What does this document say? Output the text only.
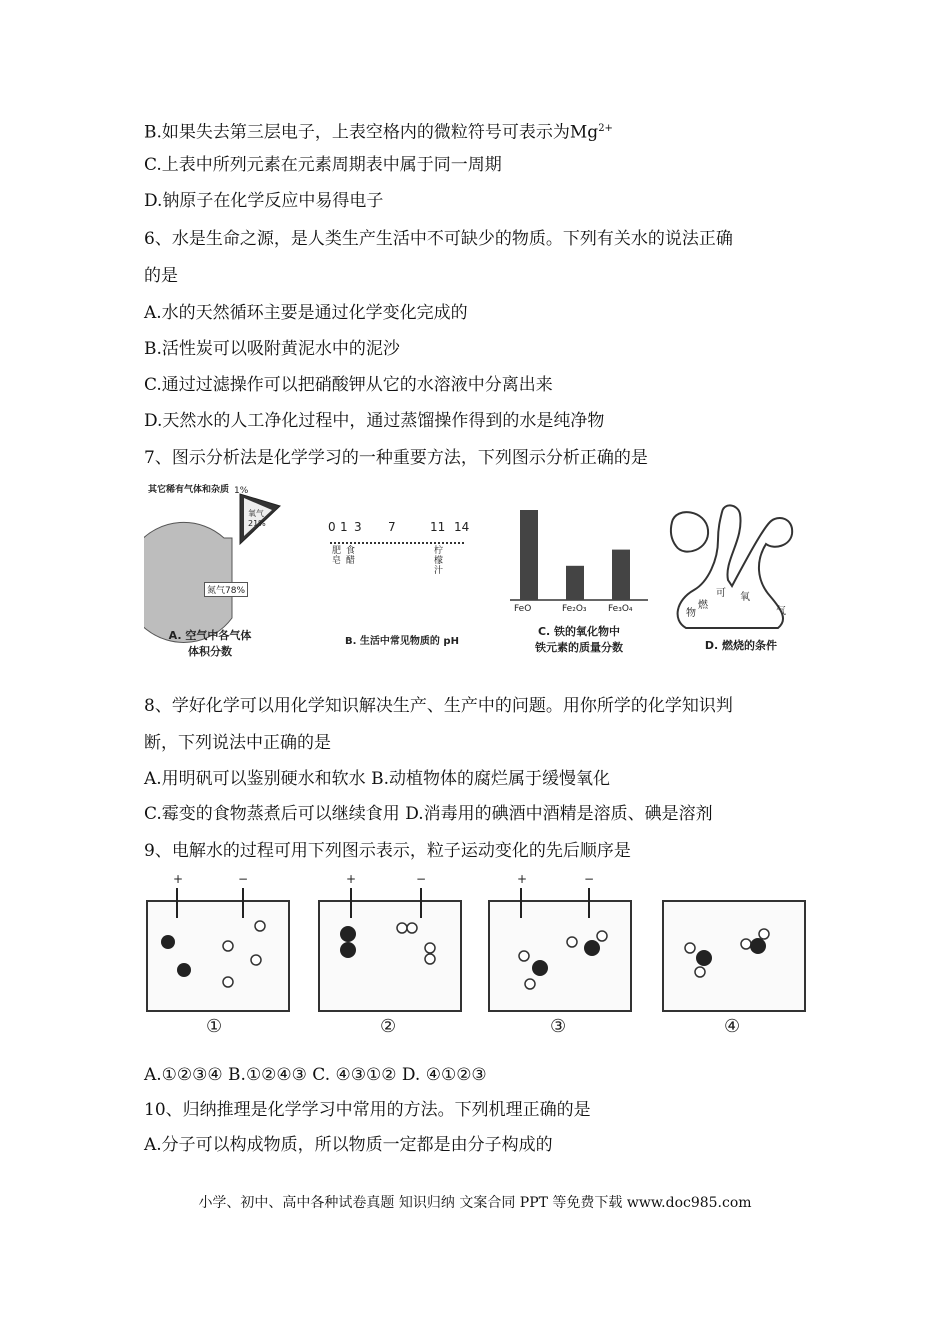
B.如果失去第三层电子，上表空格内的微粒符号可表示为$Mg^{2+}$
C.上表中所列元素在元素周期表中属于同一周期
D.钠原子在化学反应中易得电子
6、水是生命之源，是人类生产生活中不可缺少的物质。下列有关水的说法正确
的是
A.水的天然循环主要是通过化学变化完成的
B.活性炭可以吸附黄泥水中的泥沙
C.通过过滤操作可以把硝酸钾从它的水溶液中分离出来
D.天然水的人工净化过程中，通过蒸馏操作得到的水是纯净物
7、图示分析法是化学学习的一种重要方法，下列图示分析正确的是
其它稀有气体和杂质 1%
氧气21%
氮气78%
A. 空气中各气体
体积分数
0 1 3 7	11 14
肥皂
食醋
柠檬汁
B. 生活中常见物质的 pH
FeO	Fe₂O₃ Fe₃O₄
C. 铁的氧化物中
铁元素的质量分数
燃
可 氧
物	气
D. 燃烧的条件
8、学好化学可以用化学知识解决生产、生产中的问题。用你所学的化学知识判
断，下列说法中正确的是
A.用明矾可以鉴别硬水和软水 B.动植物体的腐烂属于缓慢氧化
C.霉变的食物蒸煮后可以继续食用 D.消毒用的碘酒中酒精是溶质、碘是溶剂
9、电解水的过程可用下列图示表示，粒子运动变化的先后顺序是
+	−
①
+	−
②
+	−
③	④
A.①②③④ B.①②④③ C. ④③①② D. ④①②③
10、归纳推理是化学学习中常用的方法。下列机理正确的是
A.分子可以构成物质，所以物质一定都是由分子构成的
小学、初中、高中各种试卷真题 知识归纳 文案合同 PPT 等免费下载 www.doc985.com
